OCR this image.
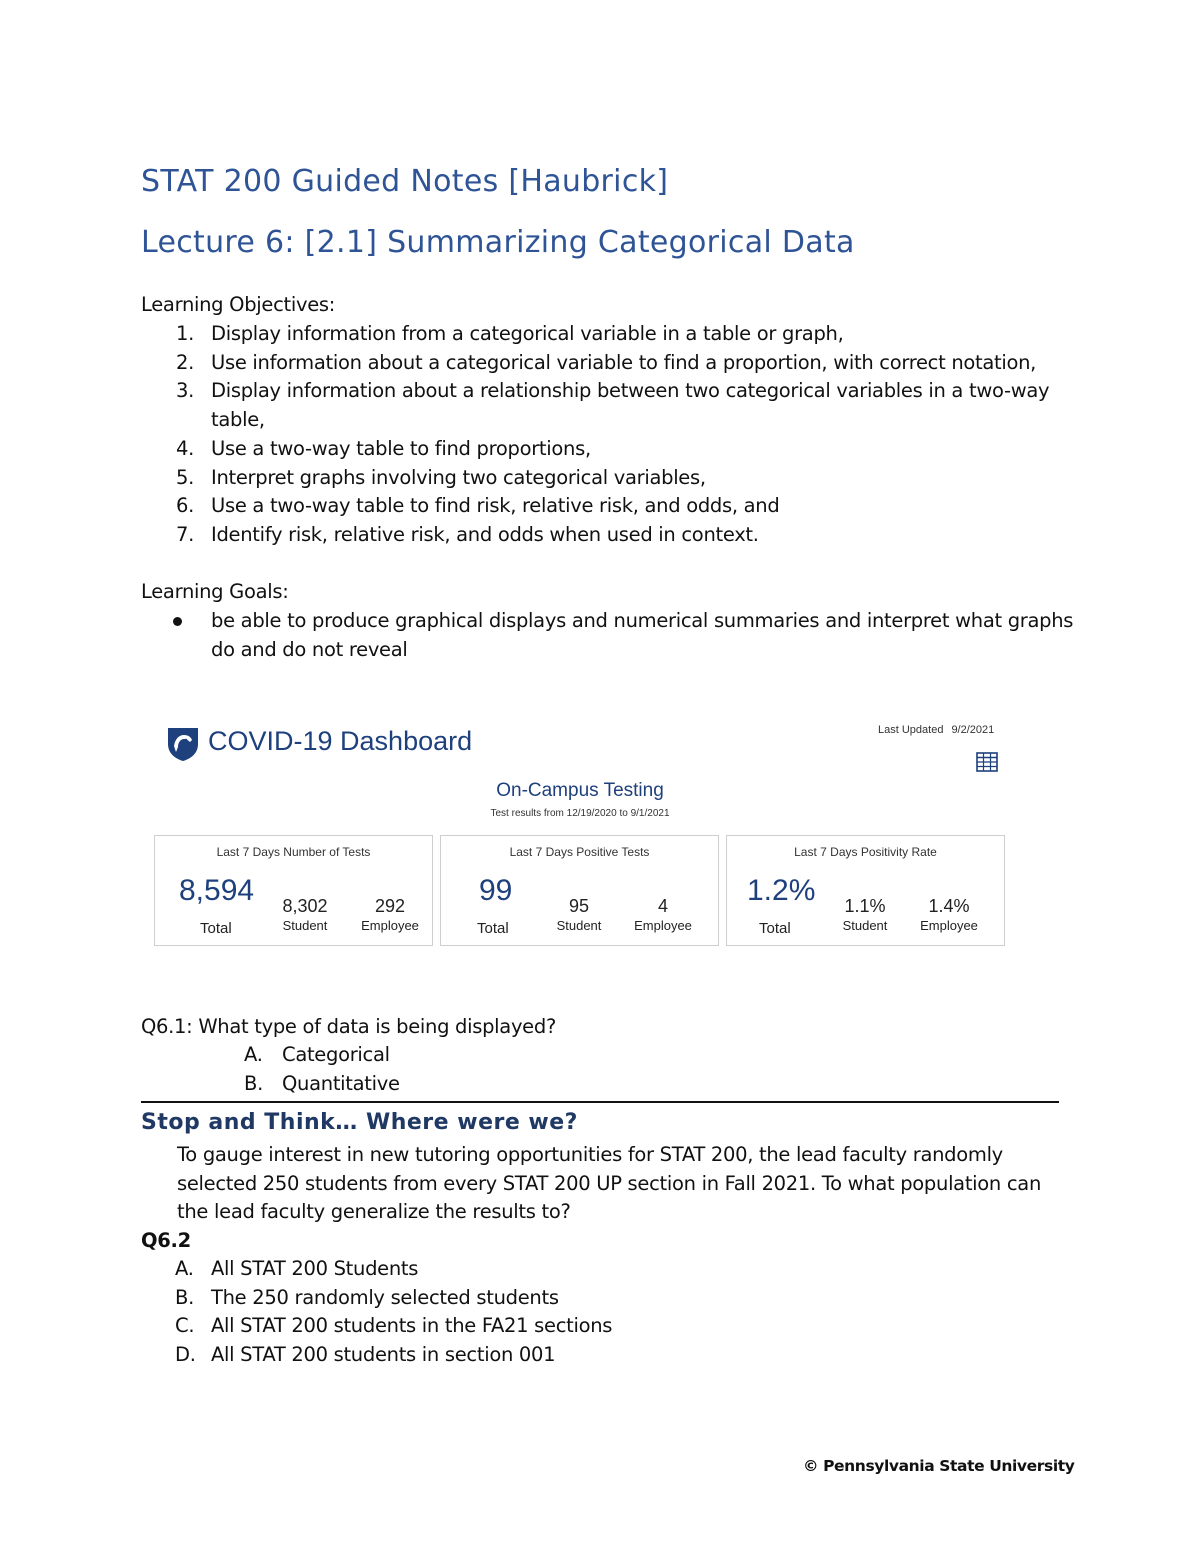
STAT 200 Guided Notes [Haubrick]
Lecture 6: [2.1] Summarizing Categorical Data
Learning Objectives:
1. Display information from a categorical variable in a table or graph,
2. Use information about a categorical variable to find a proportion, with correct notation,
3. Display information about a relationship between two categorical variables in a two-way table,
4. Use a two-way table to find proportions,
5. Interpret graphs involving two categorical variables,
6. Use a two-way table to find risk, relative risk, and odds, and
7. Identify risk, relative risk, and odds when used in context.
Learning Goals:
be able to produce graphical displays and numerical summaries and interpret what graphs do and do not reveal
COVID-19 Dashboard	Last Updated 9/2/2021
On-Campus Testing
Test results from 12/19/2020 to 9/1/2021
Last 7 Days Number of Tests
8,594
Total
8,302
Student
292
Employee
Last 7 Days Positive Tests
99
Total
95
Student
4
Employee
Last 7 Days Positivity Rate
1.2%
Total
1.1%
Student
1.4%
Employee
Q6.1: What type of data is being displayed?
A. Categorical
B. Quantitative
Stop and Think… Where were we?
To gauge interest in new tutoring opportunities for STAT 200, the lead faculty randomly selected 250 students from every STAT 200 UP section in Fall 2021. To what population can the lead faculty generalize the results to?
Q6.2
A. All STAT 200 Students
B. The 250 randomly selected students
C. All STAT 200 students in the FA21 sections
D. All STAT 200 students in section 001
© Pennsylvania State University
